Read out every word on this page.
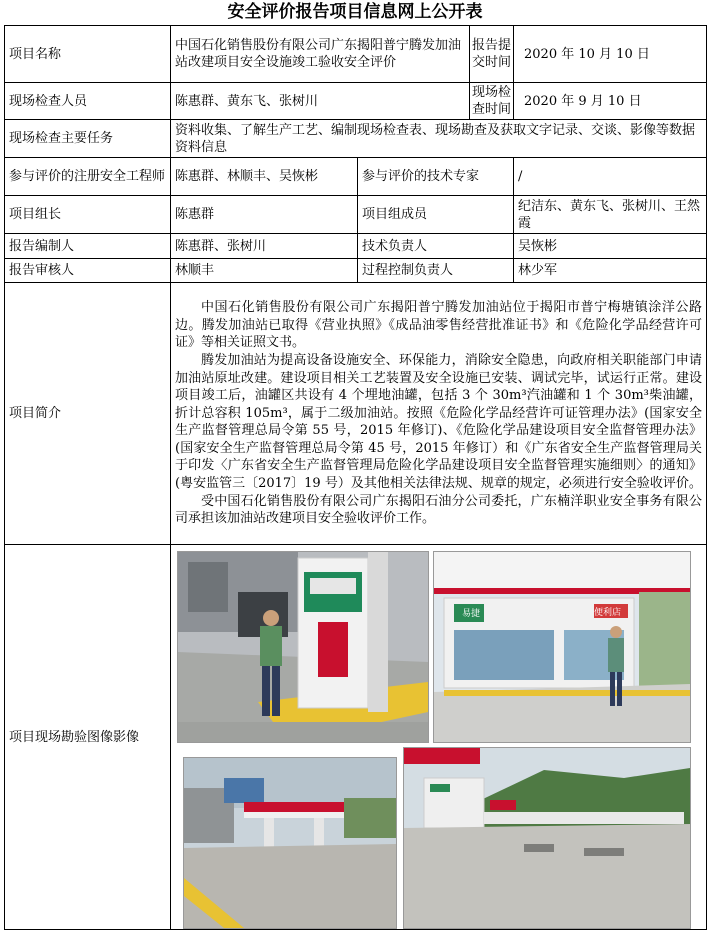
安全评价报告项目信息网上公开表
项目名称	中国石化销售股份有限公司广东揭阳普宁腾发加油站改建项目安全设施竣工验收安全评价		报告提交时间	2020 年 10 月 10 日
现场检查人员	陈惠群、黄东飞、张树川		现场检查时间	2020 年 9 月 10 日
现场检查主要任务	资料收集、了解生产工艺、编制现场检查表、现场勘查及获取文字记录、交谈、影像等数据资料信息			
参与评价的注册安全工程师	陈惠群、林顺丰、吴恢彬	参与评价的技术专家		/
项目组长	陈惠群	项目组成员		纪洁东、黄东飞、张树川、王然霞
报告编制人	陈惠群、张树川	技术负责人		吴恢彬
报告审核人	林顺丰	过程控制负责人		林少军
项目简介	中国石化销售股份有限公司广东揭阳普宁腾发加油站位于揭阳市普宁梅塘镇涂洋公路边。腾发加油站已取得《营业执照》《成品油零售经营批准证书》和《危险化学品经营许可证》等相关证照文书。

腾发加油站为提高设备设施安全、环保能力，消除安全隐患，向政府相关职能部门申请加油站原址改建。建设项目相关工艺装置及安全设施已安装、调试完毕，试运行正常。建设项目竣工后，油罐区共设有 4 个埋地油罐，包括 3 个 30m³汽油罐和 1 个 30m³柴油罐，折计总容积 105m³，属于二级加油站。按照《危险化学品经营许可证管理办法》(国家安全生产监督管理总局令第 55 号，2015 年修订)、《危险化学品建设项目安全监督管理办法》(国家安全生产监督管理总局令第 45 号，2015 年修订）和《广东省安全生产监督管理局关于印发〈广东省安全生产监督管理局危险化学品建设项目安全监督管理实施细则〉的通知》(粤安监管三〔2017〕19 号）及其他相关法律法规、规章的规定，必须进行安全验收评价。

受中国石化销售股份有限公司广东揭阳石油分公司委托，广东楠洋职业安全事务有限公司承担该加油站改建项目安全验收评价工作。			

项目现场勘验图像影像	易捷 便利店			
